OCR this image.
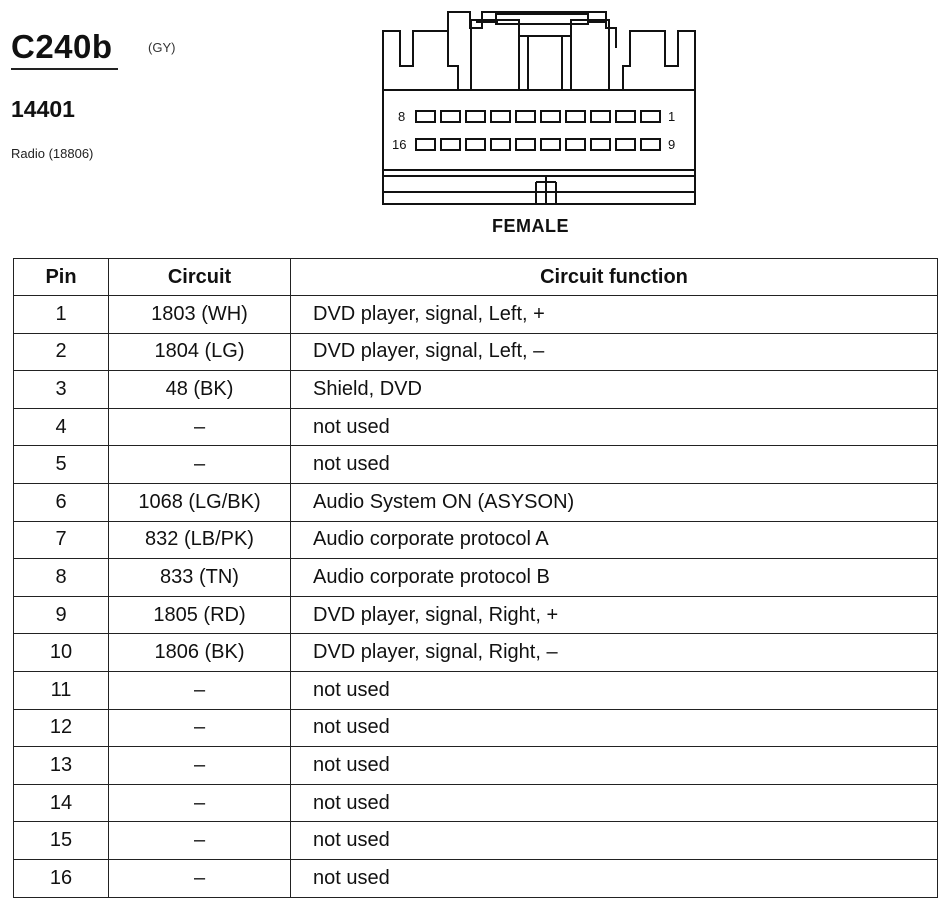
C240b	(GY)
14401
Radio (18806)
8	1
16	9
FEMALE
Pin	Circuit	Circuit function
1	1803 (WH)	DVD player, signal, Left, +
2	1804 (LG)	DVD player, signal, Left, –
3	48 (BK)	Shield, DVD
4	–	not used
5	–	not used
6	1068 (LG/BK)	Audio System ON (ASYSON)
7	832 (LB/PK)	Audio corporate protocol A
8	833 (TN)	Audio corporate protocol B
9	1805 (RD)	DVD player, signal, Right, +
10	1806 (BK)	DVD player, signal, Right, –
11	–	not used
12	–	not used
13	–	not used
14	–	not used
15	–	not used
16	–	not used
